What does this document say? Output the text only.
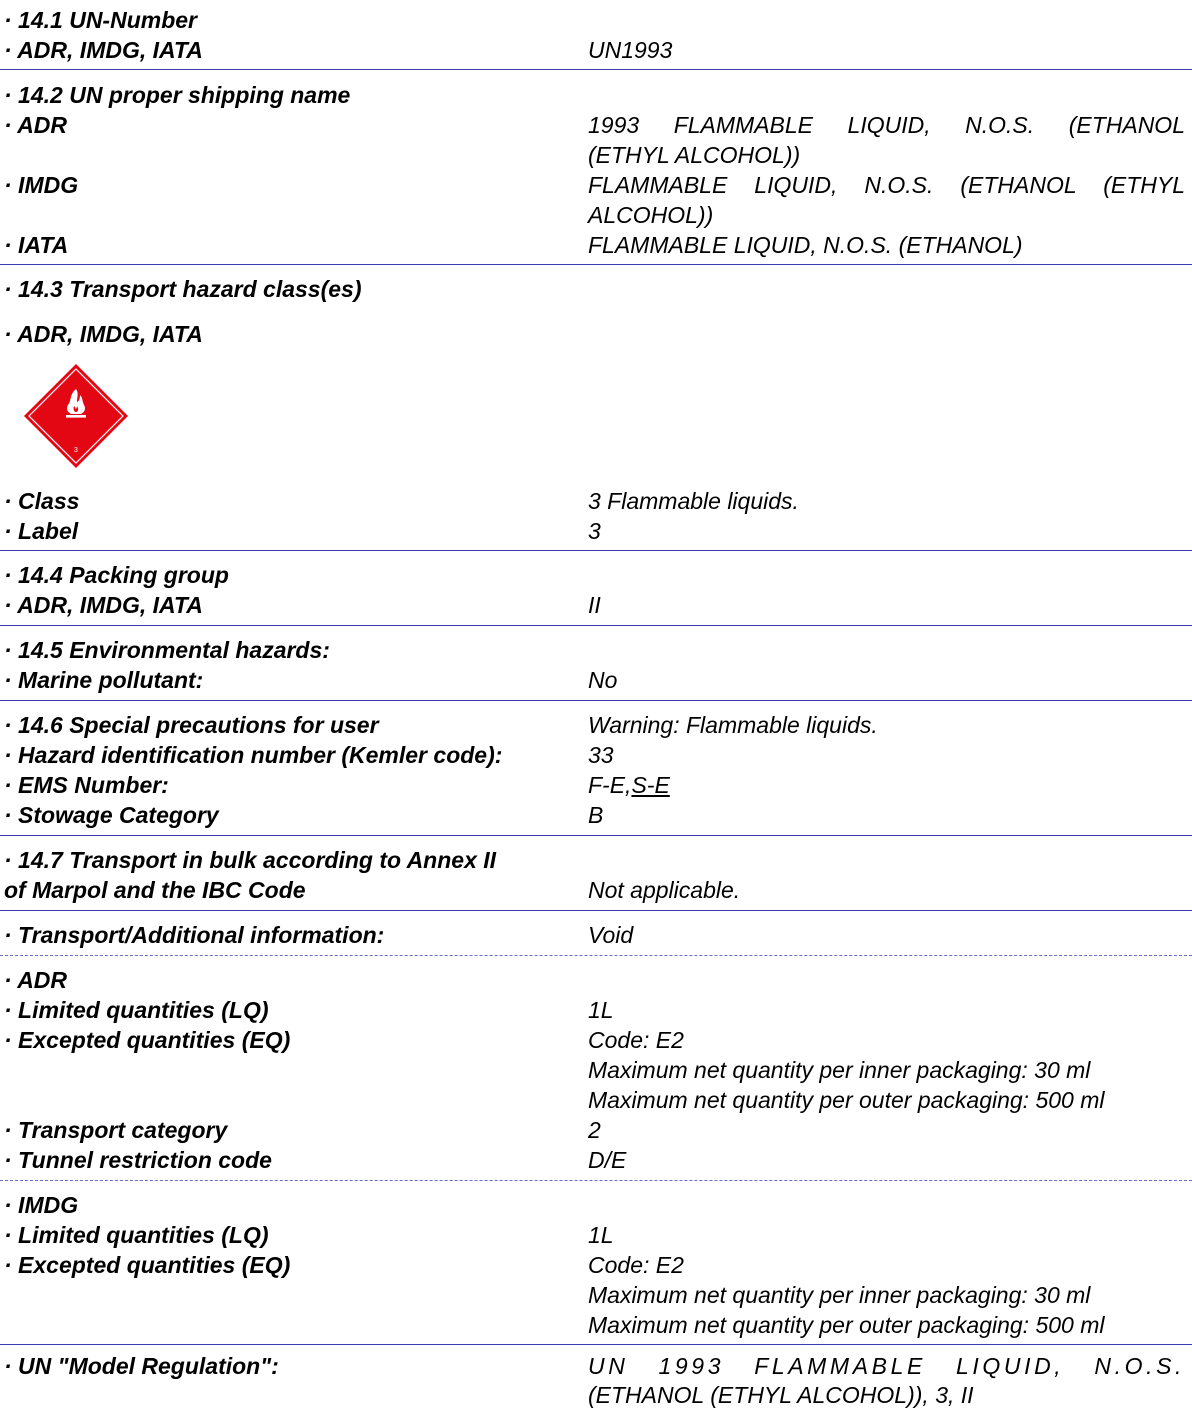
· 14.1 UN-Number
· ADR, IMDG, IATA	UN1993
· 14.2 UN proper shipping name
· ADR	1993 FLAMMABLE LIQUID, N.O.S. (ETHANOL
(ETHYL ALCOHOL))
· IMDG	FLAMMABLE LIQUID, N.O.S. (ETHANOL (ETHYL
ALCOHOL))
· IATA	FLAMMABLE LIQUID, N.O.S. (ETHANOL)
· 14.3 Transport hazard class(es)
· ADR, IMDG, IATA
3
· Class	3 Flammable liquids.
· Label	3
· 14.4 Packing group
· ADR, IMDG, IATA	II
· 14.5 Environmental hazards:
· Marine pollutant:	No
· 14.6 Special precautions for user	Warning: Flammable liquids.
· Hazard identification number (Kemler code):	33
· EMS Number:	F-E,S-E
· Stowage Category	B
· 14.7 Transport in bulk according to Annex II
of Marpol and the IBC Code	Not applicable.
· Transport/Additional information:	Void
· ADR
· Limited quantities (LQ)	1L
· Excepted quantities (EQ)	Code: E2
Maximum net quantity per inner packaging: 30 ml
Maximum net quantity per outer packaging: 500 ml
· Transport category	2
· Tunnel restriction code	D/E
· IMDG
· Limited quantities (LQ)	1L
· Excepted quantities (EQ)	Code: E2
Maximum net quantity per inner packaging: 30 ml
Maximum net quantity per outer packaging: 500 ml
· UN "Model Regulation":	UN 1993 FLAMMABLE LIQUID, N.O.S.
(ETHANOL (ETHYL ALCOHOL)), 3, II
